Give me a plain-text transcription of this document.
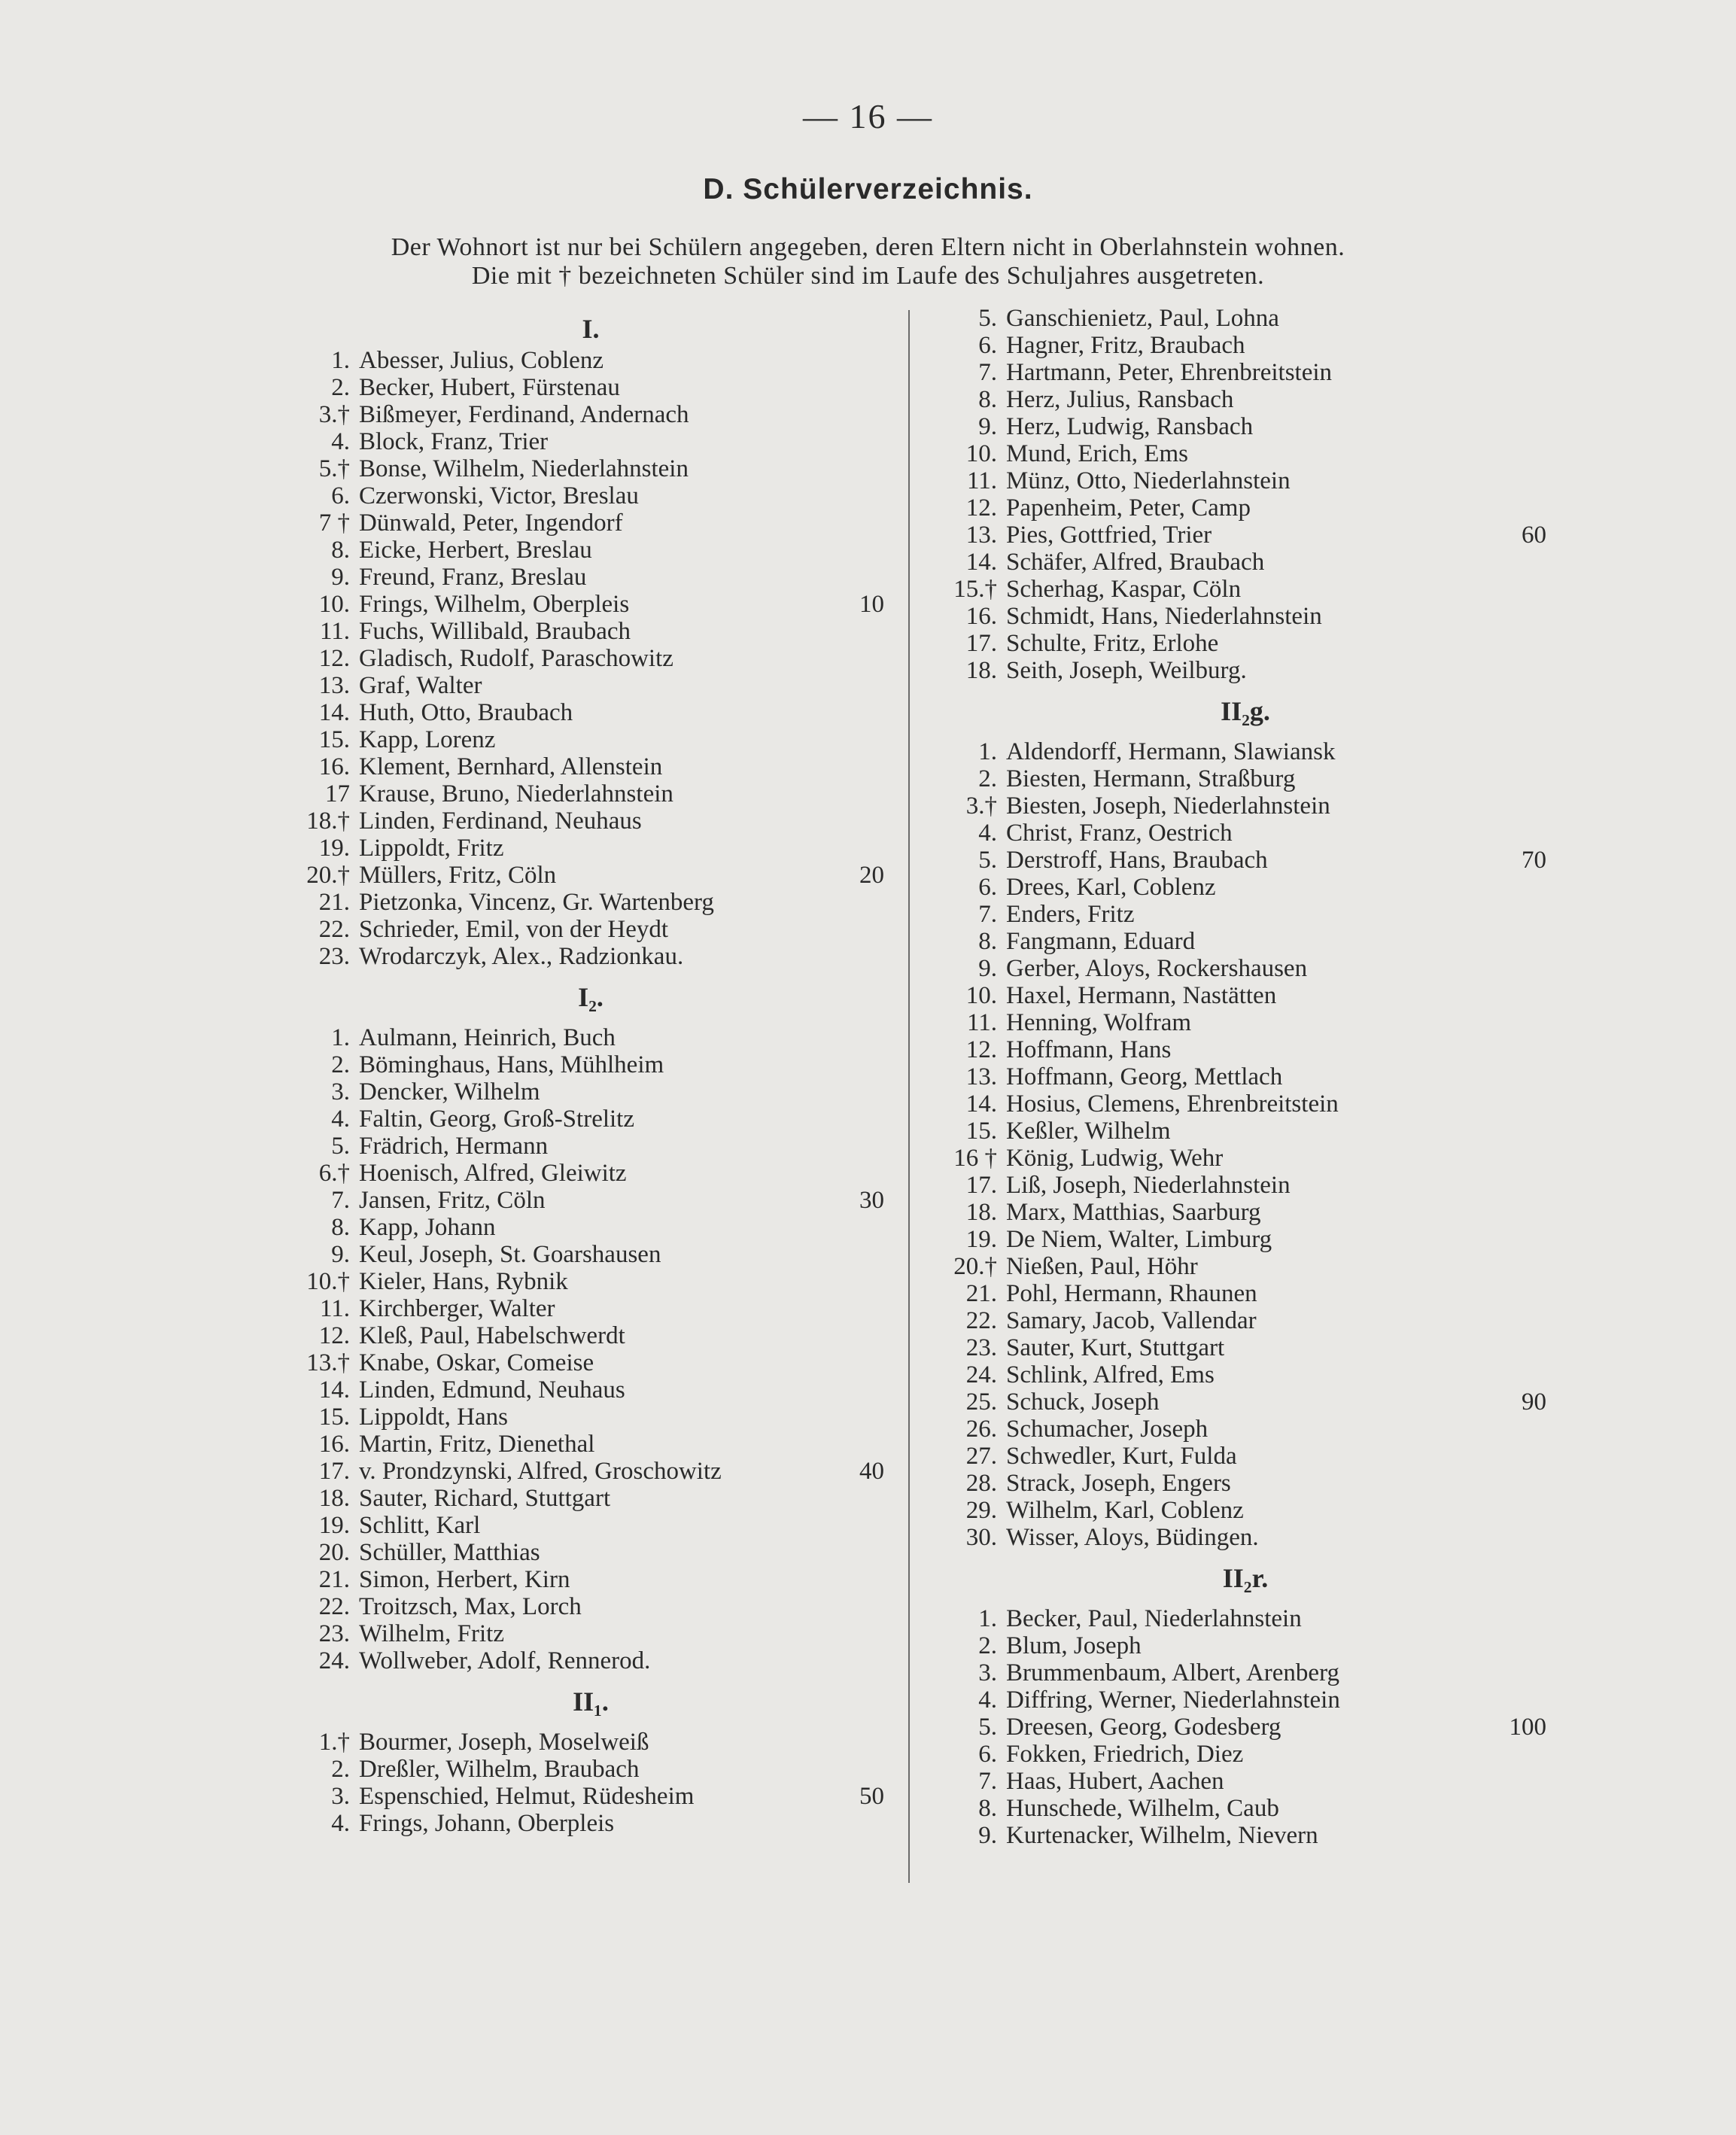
— 16 —
D. Schülerverzeichnis.
Der Wohnort ist nur bei Schülern angegeben, deren Eltern nicht in Oberlahnstein wohnen.
Die mit † bezeichneten Schüler sind im Laufe des Schuljahres ausgetreten.
I.
1. Abesser, Julius, Coblenz
2. Becker, Hubert, Fürstenau
3.† Bißmeyer, Ferdinand, Andernach
4. Block, Franz, Trier
5.† Bonse, Wilhelm, Niederlahnstein
6. Czerwonski, Victor, Breslau
7 † Dünwald, Peter, Ingendorf
8. Eicke, Herbert, Breslau
9. Freund, Franz, Breslau
10. Frings, Wilhelm, Oberpleis	10
11. Fuchs, Willibald, Braubach
12. Gladisch, Rudolf, Paraschowitz
13. Graf, Walter
14. Huth, Otto, Braubach
15. Kapp, Lorenz
16. Klement, Bernhard, Allenstein
17 Krause, Bruno, Niederlahnstein
18.† Linden, Ferdinand, Neuhaus
19. Lippoldt, Fritz
20.† Müllers, Fritz, Cöln	20
21. Pietzonka, Vincenz, Gr. Wartenberg
22. Schrieder, Emil, von der Heydt
23. Wrodarczyk, Alex., Radzionkau.
I₂.
1. Aulmann, Heinrich, Buch
2. Böminghaus, Hans, Mühlheim
3. Dencker, Wilhelm
4. Faltin, Georg, Groß-Strelitz
5. Frädrich, Hermann
6.† Hoenisch, Alfred, Gleiwitz
7. Jansen, Fritz, Cöln	30
8. Kapp, Johann
9. Keul, Joseph, St. Goarshausen
10.† Kieler, Hans, Rybnik
11. Kirchberger, Walter
12. Kleß, Paul, Habelschwerdt
13.† Knabe, Oskar, Comeise
14. Linden, Edmund, Neuhaus
15. Lippoldt, Hans
16. Martin, Fritz, Dienethal
17. v. Prondzynski, Alfred, Groschowitz	40
18. Sauter, Richard, Stuttgart
19. Schlitt, Karl
20. Schüller, Matthias
21. Simon, Herbert, Kirn
22. Troitzsch, Max, Lorch
23. Wilhelm, Fritz
24. Wollweber, Adolf, Rennerod.
II₁.
1.† Bourmer, Joseph, Moselweiß
2. Dreßler, Wilhelm, Braubach
3. Espenschied, Helmut, Rüdesheim	50
4. Frings, Johann, Oberpleis
5. Ganschienietz, Paul, Lohna
6. Hagner, Fritz, Braubach
7. Hartmann, Peter, Ehrenbreitstein
8. Herz, Julius, Ransbach
9. Herz, Ludwig, Ransbach
10. Mund, Erich, Ems
11. Münz, Otto, Niederlahnstein
12. Papenheim, Peter, Camp
13. Pies, Gottfried, Trier	60
14. Schäfer, Alfred, Braubach
15.† Scherhag, Kaspar, Cöln
16. Schmidt, Hans, Niederlahnstein
17. Schulte, Fritz, Erlohe
18. Seith, Joseph, Weilburg.
II₂g.
1. Aldendorff, Hermann, Slawiansk
2. Biesten, Hermann, Straßburg
3.† Biesten, Joseph, Niederlahnstein
4. Christ, Franz, Oestrich
5. Derstroff, Hans, Braubach	70
6. Drees, Karl, Coblenz
7. Enders, Fritz
8. Fangmann, Eduard
9. Gerber, Aloys, Rockershausen
10. Haxel, Hermann, Nastätten
11. Henning, Wolfram
12. Hoffmann, Hans
13. Hoffmann, Georg, Mettlach
14. Hosius, Clemens, Ehrenbreitstein
15. Keßler, Wilhelm
16 † König, Ludwig, Wehr
17. Liß, Joseph, Niederlahnstein
18. Marx, Matthias, Saarburg
19. De Niem, Walter, Limburg
20.† Nießen, Paul, Höhr
21. Pohl, Hermann, Rhaunen
22. Samary, Jacob, Vallendar
23. Sauter, Kurt, Stuttgart
24. Schlink, Alfred, Ems
25. Schuck, Joseph	90
26. Schumacher, Joseph
27. Schwedler, Kurt, Fulda
28. Strack, Joseph, Engers
29. Wilhelm, Karl, Coblenz
30. Wisser, Aloys, Büdingen.
II₂r.
1. Becker, Paul, Niederlahnstein
2. Blum, Joseph
3. Brummenbaum, Albert, Arenberg
4. Diffring, Werner, Niederlahnstein
5. Dreesen, Georg, Godesberg	100
6. Fokken, Friedrich, Diez
7. Haas, Hubert, Aachen
8. Hunschede, Wilhelm, Caub
9. Kurtenacker, Wilhelm, Nievern
